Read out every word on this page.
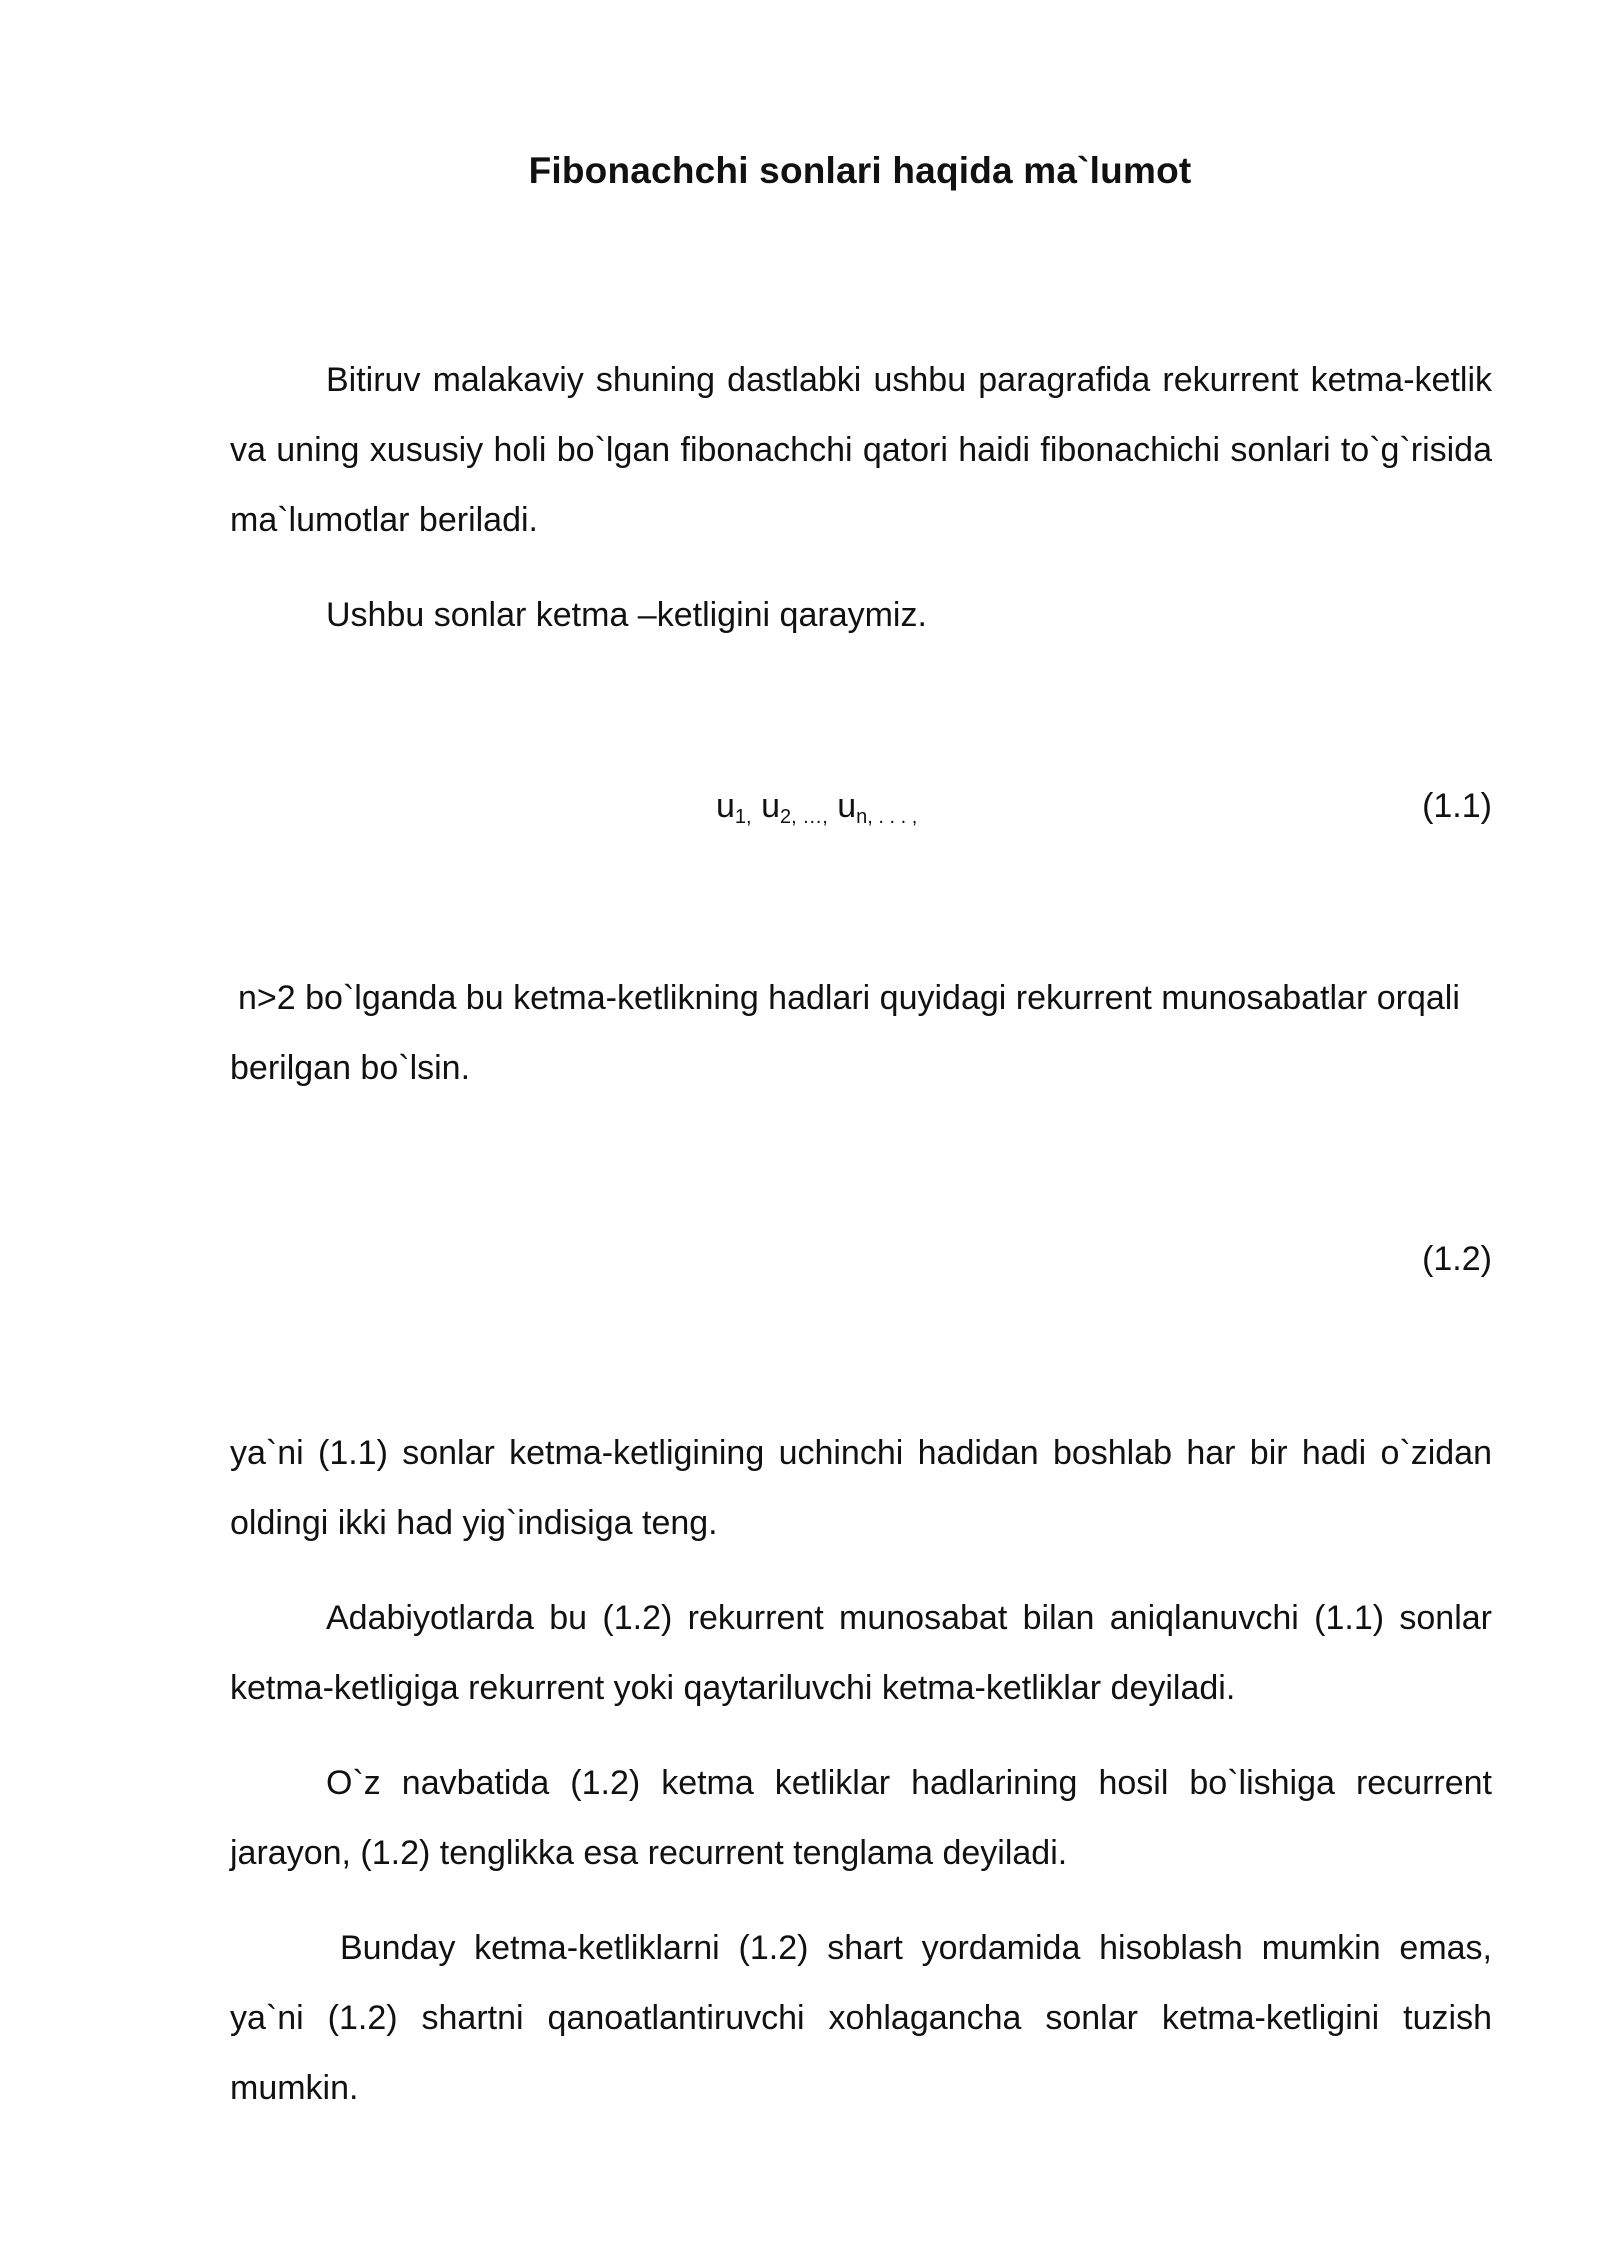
Fibonachchi sonlari haqida ma`lumot

Bitiruv malakaviy shuning dastlabki ushbu paragrafida rekurrent ketma-ketlik va uning xususiy holi bo`lgan fibonachchi qatori haidi fibonachichi sonlari to`g`risida ma`lumotlar beriladi.

Ushbu sonlar ketma –ketligini qaraymiz.

$u_{1,}$ $u_{2, \dots,}$ $u_{n, . . . ,}$	(1.1)

n>2 bo`lganda bu ketma-ketlikning hadlari quyidagi rekurrent munosabatlar orqali berilgan bo`lsin.

(1.2)

ya`ni (1.1) sonlar ketma-ketligining uchinchi hadidan boshlab har bir hadi o`zidan oldingi ikki had yig`indisiga teng.

Adabiyotlarda bu (1.2) rekurrent munosabat bilan aniqlanuvchi (1.1) sonlar ketma-ketligiga rekurrent yoki qaytariluvchi ketma-ketliklar deyiladi.

O`z navbatida (1.2) ketma ketliklar hadlarining hosil bo`lishiga recurrent jarayon, (1.2) tenglikka esa recurrent tenglama deyiladi.

Bunday ketma-ketliklarni (1.2) shart yordamida hisoblash mumkin emas, ya`ni (1.2) shartni qanoatlantiruvchi xohlagancha sonlar ketma-ketligini tuzish mumkin.
